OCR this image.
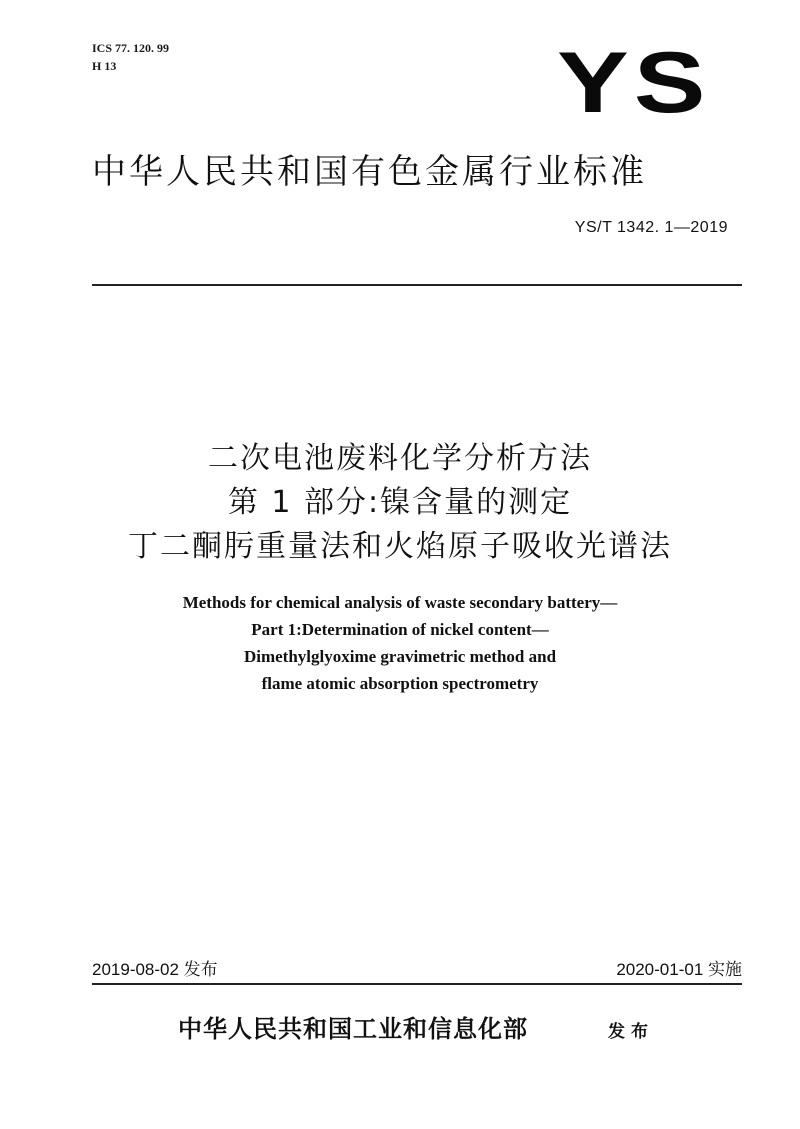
ICS 77. 120. 99
H 13	YS
中华人民共和国有色金属行业标准
YS/T 1342. 1—2019
二次电池废料化学分析方法
第 1 部分:镍含量的测定
丁二酮肟重量法和火焰原子吸收光谱法
Methods for chemical analysis of waste secondary battery—
Part 1:Determination of nickel content—
Dimethylglyoxime gravimetric method and
flame atomic absorption spectrometry
2019-08-02 发布	2020-01-01 实施
中华人民共和国工业和信息化部	发布
